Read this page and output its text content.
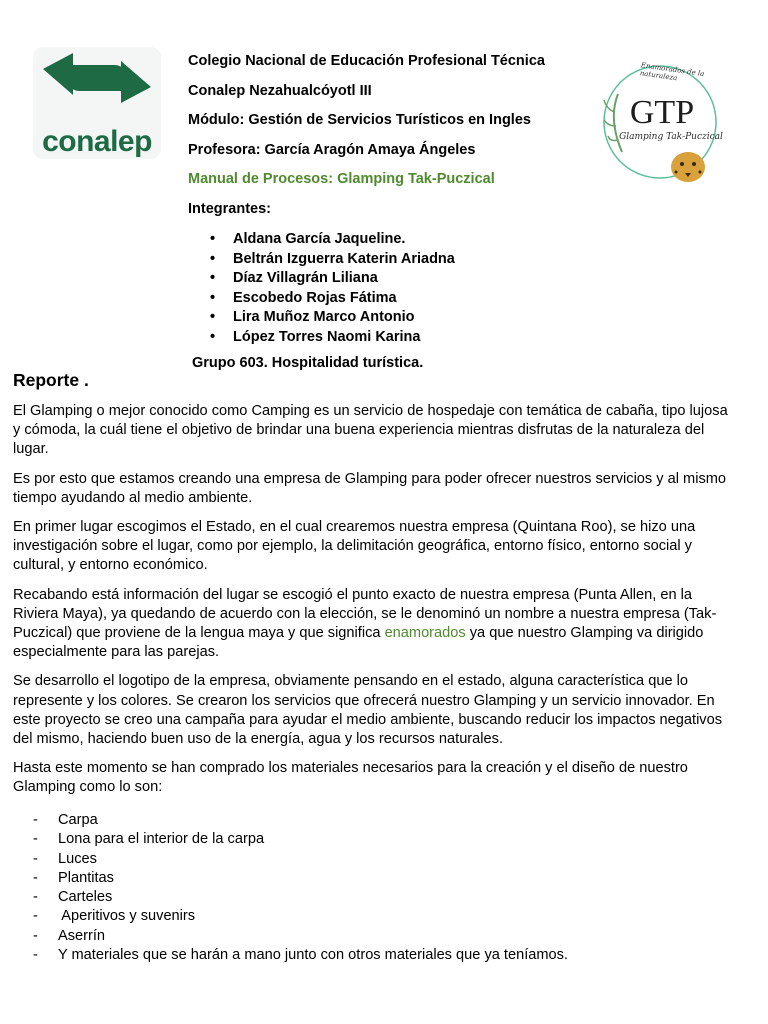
conalep
Enamorados de la naturaleza
GTP
Glamping Tak-Puczical
Colegio Nacional de Educación Profesional Técnica
Conalep Nezahualcóyotl III
Módulo: Gestión de Servicios Turísticos en Ingles
Profesora: García Aragón Amaya Ángeles
Manual de Procesos: Glamping Tak-Puczical
Integrantes:
• Aldana García Jaqueline.
• Beltrán Izguerra Katerin Ariadna
• Díaz Villagrán Liliana
• Escobedo Rojas Fátima
• Lira Muñoz Marco Antonio
• López Torres Naomi Karina
Grupo 603. Hospitalidad turística.
Reporte .

El Glamping o mejor conocido como Camping es un servicio de hospedaje con temática de cabaña, tipo lujosa y cómoda, la cuál tiene el objetivo de brindar una buena experiencia mientras disfrutas de la naturaleza del lugar.

Es por esto que estamos creando una empresa de Glamping para poder ofrecer nuestros servicios y al mismo tiempo ayudando al medio ambiente.

En primer lugar escogimos el Estado, en el cual crearemos nuestra empresa (Quintana Roo), se hizo una investigación sobre el lugar, como por ejemplo, la delimitación geográfica, entorno físico, entorno social y cultural, y entorno económico.

Recabando está información del lugar se escogió el punto exacto de nuestra empresa (Punta Allen, en la Riviera Maya), ya quedando de acuerdo con la elección, se le denominó un nombre a nuestra empresa (Tak-Puczical) que proviene de la lengua maya y que significa enamorados ya que nuestro Glamping va dirigido especialmente para las parejas.

Se desarrollo el logotipo de la empresa, obviamente pensando en el estado, alguna característica que lo represente y los colores. Se crearon los servicios que ofrecerá nuestro Glamping y un servicio innovador. En este proyecto se creo una campaña para ayudar el medio ambiente, buscando reducir los impactos negativos del mismo, haciendo buen uso de la energía, agua y los recursos naturales.

Hasta este momento se han comprado los materiales necesarios para la creación y el diseño de nuestro Glamping como lo son:

- Carpa
- Lona para el interior de la carpa
- Luces
- Plantitas
- Carteles
- Aperitivos y suvenirs
- Aserrín
- Y materiales que se harán a mano junto con otros materiales que ya teníamos.
